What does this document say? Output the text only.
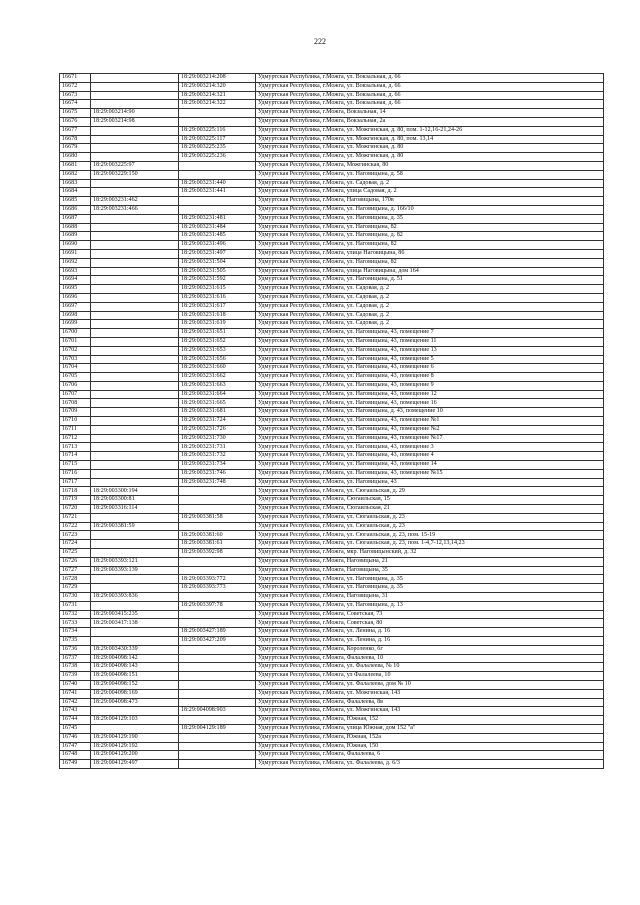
222
16671		18:29:003214:208	Удмуртская Республика, г.Можга, ул. Вокзальная, д. 66
16672		18:29:003214:320	Удмуртская Республика, г.Можга, ул. Вокзальная, д. 66
16673		18:29:003214:321	Удмуртская Республика, г.Можга, ул. Вокзальная, д. 66
16674		18:29:003214:322	Удмуртская Республика, г.Можга, ул. Вокзальная, д. 66
16675	18:29:003214:90		Удмуртская Республика, г.Можга, Вокзальная, 14
16676	18:29:003214:98		Удмуртская Республика, г.Можга, Вокзальная, 2а
16677		18:29:003225:116	Удмуртская Республика, г.Можга, ул. Можгинская, д. 80, пом. 1-12,16-21,24-26
16678		18:29:003225:117	Удмуртская Республика, г.Можга, ул. Можгинская, д. 80, пом. 13,14
16679		18:29:003225:235	Удмуртская Республика, г.Можга, ул. Можгинская, д. 80
16680		18:29:003225:236	Удмуртская Республика, г.Можга, ул. Можгинская, д. 80
16681	18:29:003225:97		Удмуртская Республика, г.Можга, Можгинская, 80
16682	18:29:003229:150		Удмуртская Республика, г.Можга, ул. Наговицына, д. 58
16683		18:29:003231:440	Удмуртская Республика, г.Можга, ул. Садовая, д. 2
16684		18:29:003231:441	Удмуртская Республика, г.Можга, улица Садовая, д. 2
16685	18:29:003231:462		Удмуртская Республика, г.Можга, Наговицына, 170в
16686	18:29:003231:466		Удмуртская Республика, г.Можга, ул. Наговицына, д. 166/10
16687		18:29:003231:481	Удмуртская Республика, г.Можга, ул. Наговицына, д. 35
16688		18:29:003231:484	Удмуртская Республика, г.Можга, ул. Наговицына, 82
16689		18:29:003231:485	Удмуртская Республика, г.Можга, ул. Наговицына, д. 82
16690		18:29:003231:496	Удмуртская Республика, г.Можга, ул. Наговицына, 82
16691		18:29:003231:497	Удмуртская Республика, г.Можга, улица Наговицына, 86
16692		18:29:003231:504	Удмуртская Республика, г.Можга, ул. Наговицына, 82
16693		18:29:003231:505	Удмуртская Республика, г.Можга, улица Наговицына, дом 164
16694		18:29:003231:592	Удмуртская Республика, г.Можга, ул. Наговицына, д. 51
16695		18:29:003231:615	Удмуртская Республика, г.Можга, ул. Садовая, д. 2
16696		18:29:003231:616	Удмуртская Республика, г.Можга, ул. Садовая, д. 2
16697		18:29:003231:617	Удмуртская Республика, г.Можга, ул. Садовая, д. 2
16698		18:29:003231:618	Удмуртская Республика, г.Можга, ул. Садовая, д. 2
16699		18:29:003231:619	Удмуртская Республика, г.Можга, ул. Садовая, д. 2
16700		18:29:003231:651	Удмуртская Республика, г.Можга, ул. Наговицына, 43, помещение 7
16701		18:29:003231:652	Удмуртская Республика, г.Можга, ул. Наговицына, 43, помещение 11
16702		18:29:003231:653	Удмуртская Республика, г.Можга, ул. Наговицына, 43, помещение 13
16703		18:29:003231:656	Удмуртская Республика, г.Можга, ул. Наговицына, 43, помещение 5
16704		18:29:003231:660	Удмуртская Республика, г.Можга, ул. Наговицына, 43, помещение 6
16705		18:29:003231:662	Удмуртская Республика, г.Можга, ул. Наговицына, 43, помещение 8
16706		18:29:003231:663	Удмуртская Республика, г.Можга, ул. Наговицына, 43, помещение 9
16707		18:29:003231:664	Удмуртская Республика, г.Можга, ул. Наговицына, 43, помещение 12
16708		18:29:003231:665	Удмуртская Республика, г.Можга, ул. Наговицына, 43, помещение 16
16709		18:29:003231:681	Удмуртская Республика, г.Можга, ул. Наговицына, д. 43, помещение 10
16710		18:29:003231:724	Удмуртская Республика, г.Можга, ул. Наговицына, 43, помещение №1
16711		18:29:003231:726	Удмуртская Республика, г.Можга, ул. Наговицына, 43, помещение №2
16712		18:29:003231:730	Удмуртская Республика, г.Можга, ул. Наговицына, 43, помещение №17
16713		18:29:003231:731	Удмуртская Республика, г.Можга, ул. Наговицына, 43, помещение 3
16714		18:29:003231:732	Удмуртская Республика, г.Можга, ул. Наговицына, 43, помещение 4
16715		18:29:003231:734	Удмуртская Республика, г.Можга, ул. Наговицына, 43, помещение 14
16716		18:29:003231:746	Удмуртская Республика, г.Можга, ул. Наговицына, 43, помещение №15
16717		18:29:003231:748	Удмуртская Республика, г.Можга, ул. Наговицына, 43
16718	18:29:003300:194		Удмуртская Республика, г.Можга, ул. Сюгаильская, д. 29
16719	18:29:003300:81		Удмуртская Республика, г.Можга, Сюгаильская, 15
16720	18:29:003316:114		Удмуртская Республика, г.Можга, Сюгаильская, 21
16721		18:29:003381:58	Удмуртская Республика, г.Можга, ул. Сюгаильская, д. 23
16722	18:29:003381:59		Удмуртская Республика, г.Можга, ул. Сюгаильская, д. 23
16723		18:29:003381:60	Удмуртская Республика, г.Можга, ул. Сюгаильская, д. 23, пом. 15-19
16724		18:29:003381:61	Удмуртская Республика, г.Можга, ул. Сюгаильская, д. 23, пом. 1-4,7-12,13,14,23
16725		18:29:003392:98	Удмуртская Республика, г.Можга, мкр. Наговицынский, д. 32
16726	18:29:003393:121		Удмуртская Республика, г.Можга, Наговицына, 21
16727	18:29:003393:139		Удмуртская Республика, г.Можга, Наговицына, 35
16728		18:29:003393:772	Удмуртская Республика, г.Можга, ул. Наговицына, д. 35
16729		18:29:003393:773	Удмуртская Республика, г.Можга, ул. Наговицына, д. 35
16730	18:29:003393:836		Удмуртская Республика, г.Можга, Наговицына, 31
16731		18:29:003397:78	Удмуртская Республика, г.Можга, ул. Наговицына, д. 13
16732	18:29:003415:235		Удмуртская Республика, г.Можга, Советская, 73
16733	18:29:003417:138		Удмуртская Республика, г.Можга, Советская, 80
16734		18:29:003427:189	Удмуртская Республика, г.Можга, ул. Ленина, д. 16
16735		18:29:003427:209	Удмуртская Республика, г.Можга, ул. Ленина, д. 16
16736	18:29:003430:339		Удмуртская Республика, г.Можга, Короленко, 6г
16737	18:29:004098:142		Удмуртская Республика, г.Можга, Фалалеева, 10
16738	18:29:004098:143		Удмуртская Республика, г.Можга, ул. Фалалеева, № 10
16739	18:29:004098:151		Удмуртская Республика, г.Можга, ул Фалалеева, 10
16740	18:29:004098:152		Удмуртская Республика, г.Можга, ул. Фалалеева, дом № 10
16741	18:29:004098:169		Удмуртская Республика, г.Можга, ул. Можгинская, 143
16742	18:29:004098:473		Удмуртская Республика, г.Можга, Фалалеева, 8в
16743		18:29:004098:903	Удмуртская Республика, г.Можга, ул. Можгинская, 143
16744	18:29:004129:103		Удмуртская Республика, г.Можга, Южная, 152
16745		18:29:004129:189	Удмуртская Республика, г.Можга, улица Южная, дом 152 "а"
16746	18:29:004129:190		Удмуртская Республика, г.Можга, Южная, 152а
16747	18:29:004129:192		Удмуртская Республика, г.Можга, Южная, 150
16748	18:29:004129:200		Удмуртская Республика, г.Можга, Фалалеева, 6
16749	18:29:004129:497		Удмуртская Республика, г.Можга, ул. Фалалеева, д. 6/3
